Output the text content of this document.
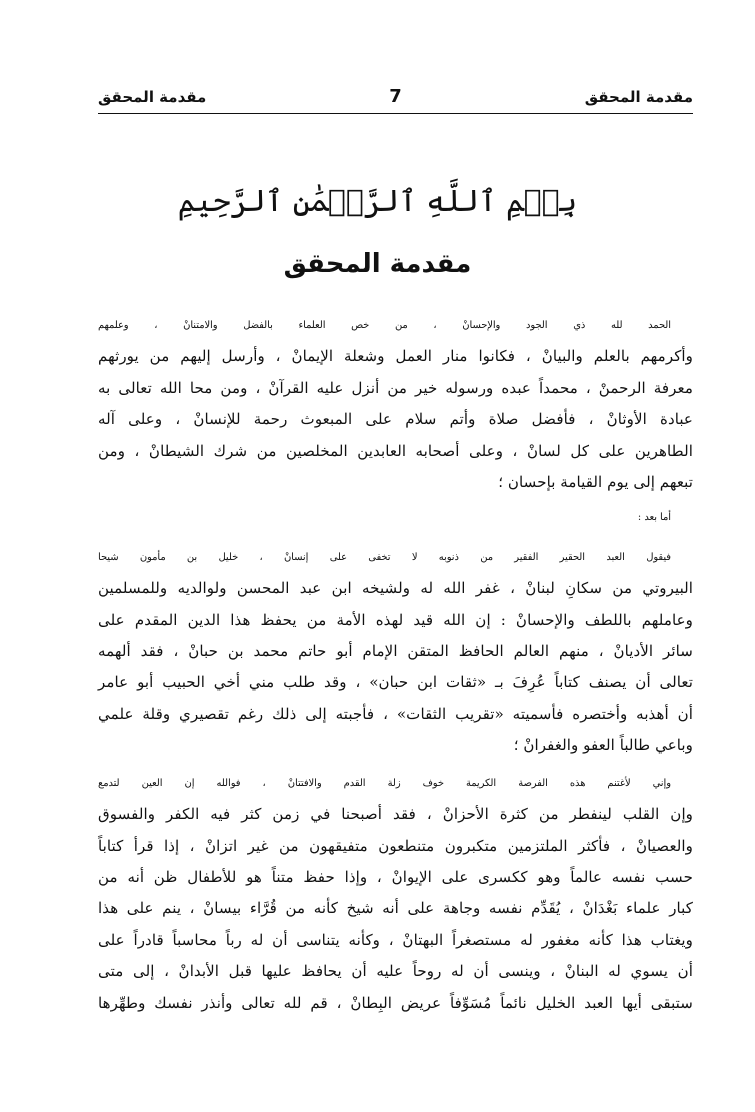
مقدمة المحقق	7	مقدمة المحقق
بِسۡمِ ٱللَّهِ ٱلرَّحۡمَٰنِ ٱلرَّحِيمِ
مقدمة المحقق

الحمد لله ذي الجود والإحسانْ ، من خص العلماء بالفضل والامتنانْ ، وعلمهم
وأكرمهم بالعلم والبيانْ ، فكانوا منار العمل وشعلة الإيمانْ ، وأرسل إليهم من يورثهم
معرفة الرحمنْ ، محمداً عبده ورسوله خير من أنزل عليه القرآنْ ، ومن محا الله تعالى به
عبادة الأوثانْ ، فأفضل صلاة وأتم سلام على المبعوث رحمة للإنسانْ ، وعلى آله
الطاهرين على كل لسانْ ، وعلى أصحابه العابدين المخلصين من شرك الشيطانْ ، ومن
تبعهم إلى يوم القيامة بإحسان ؛

أما بعد :

فيقول العبد الحقير الفقير من ذنوبه لا تخفى على إنسانْ ، خليل بن مأمون شيحا
البيروتي من سكانِ لبنانْ ، غفر الله له ولشيخه ابن عبد المحسن ولوالديه وللمسلمين
وعاملهم باللطف والإحسانْ : إن الله قيد لهذه الأمة من يحفظ هذا الدين المقدم على
سائر الأديانْ ، منهم العالم الحافظ المتقن الإمام أبو حاتم محمد بن حبانْ ، فقد ألهمه
تعالى أن يصنف كتاباً عُرِفَ بـ «ثقات ابن حبان» ، وقد طلب مني أخي الحبيب أبو عامر
أن أهذبه وأختصره فأسميته «تقريب الثقات» ، فأجبته إلى ذلك رغم تقصيري وقلة علمي
وباعي طالباً العفو والغفرانْ ؛

وإني لأغتنم هذه الفرصة الكريمة خوف زلة القدم والافتتانْ ، فوالله إن العين لتدمع
وإن القلب لينفطر من كثرة الأحزانْ ، فقد أصبحنا في زمن كثر فيه الكفر والفسوق
والعصيانْ ، فأكثر الملتزمين متكبرون متنطعون متفيقهون من غير اتزانْ ، إذا قرأ كتاباً
حسب نفسه عالماً وهو ككسرى على الإيوانْ ، وإذا حفظ متناً هو للأطفال ظن أنه من
كبار علماء بَغْدَانْ ، يُقَدِّم نفسه وجاهة على أنه شيخ كأنه من قُرَّاء بيسانْ ، ينم على هذا
ويغتاب هذا كأنه مغفور له مستصغراً البهتانْ ، وكأنه يتناسى أن له رباً محاسباً قادراً على
أن يسوي له البنانْ ، وينسى أن له روحاً عليه أن يحافظ عليها قبل الأبدانْ ، إلى متى
ستبقى أيها العبد الخليل نائماً مُسَوِّفاً عريض البِطانْ ، قم لله تعالى وأنذر نفسك وطهِّرها
